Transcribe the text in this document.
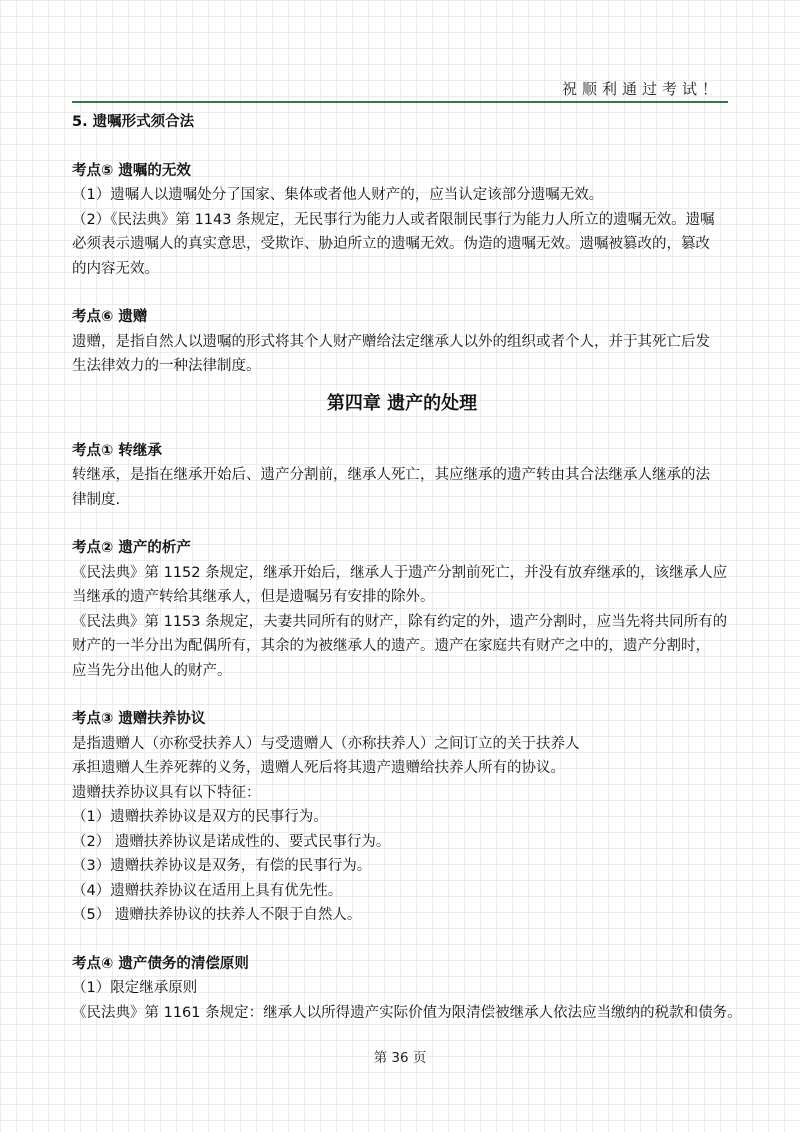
祝顺利通过考试！
5. 遗嘱形式须合法
考点⑤ 遗嘱的无效
（1）遗嘱人以遗嘱处分了国家、集体或者他人财产的，应当认定该部分遗嘱无效。
（2）《民法典》第 1143 条规定，无民事行为能力人或者限制民事行为能力人所立的遗嘱无效。遗嘱
必须表示遗嘱人的真实意思，受欺诈、胁迫所立的遗嘱无效。伪造的遗嘱无效。遗嘱被篡改的，篡改
的内容无效。
考点⑥ 遗赠
遗赠，是指自然人以遗嘱的形式将其个人财产赠给法定继承人以外的组织或者个人，并于其死亡后发
生法律效力的一种法律制度。
第四章 遗产的处理
考点① 转继承
转继承，是指在继承开始后、遗产分割前，继承人死亡，其应继承的遗产转由其合法继承人继承的法
律制度.
考点② 遗产的析产
《民法典》第 1152 条规定，继承开始后，继承人于遗产分割前死亡，并没有放弃继承的，该继承人应
当继承的遗产转给其继承人，但是遗嘱另有安排的除外。
《民法典》第 1153 条规定，夫妻共同所有的财产，除有约定的外，遗产分割时，应当先将共同所有的
财产的一半分出为配偶所有，其余的为被继承人的遗产。遗产在家庭共有财产之中的，遗产分割时，
应当先分出他人的财产。
考点③ 遗赠扶养协议
是指遗赠人（亦称受扶养人）与受遗赠人（亦称扶养人）之间订立的关于扶养人
承担遗赠人生养死葬的义务，遗赠人死后将其遗产遗赠给扶养人所有的协议。
遗赠扶养协议具有以下特征：
（1）遗赠扶养协议是双方的民事行为。
（2） 遗赠扶养协议是诺成性的、要式民事行为。
（3）遗赠扶养协议是双务，有偿的民事行为。
（4）遗赠扶养协议在适用上具有优先性。
（5） 遗赠扶养协议的扶养人不限于自然人。
考点④ 遗产债务的清偿原则
（1）限定继承原则
《民法典》第 1161 条规定：继承人以所得遗产实际价值为限清偿被继承人依法应当缴纳的税款和债务。
第 36 页
